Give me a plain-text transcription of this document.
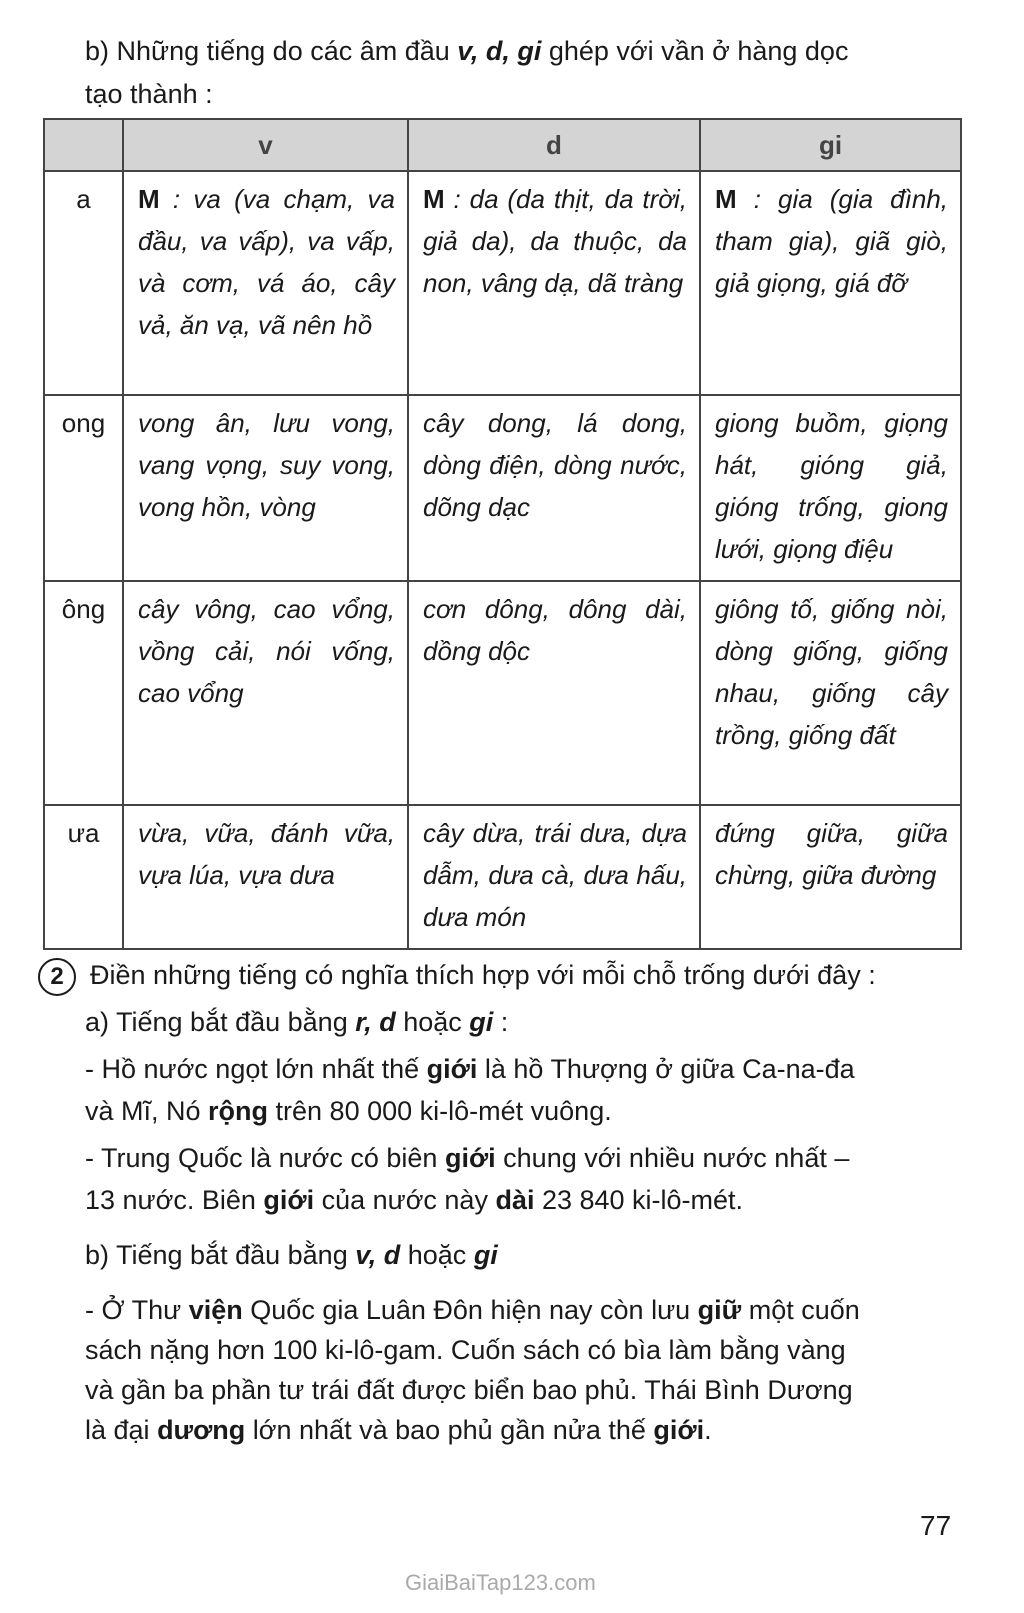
b) Những tiếng do các âm đầu v, d, gi ghép với vần ở hàng dọc
tạo thành :
	v	d	gi
a	M : va (va chạm, va đầu, va vấp), va vấp, và cơm, vá áo, cây vả, ăn vạ, vã nên hồ	M : da (da thịt, da trời, giả da), da thuộc, da non, vâng dạ, dã tràng	M : gia (gia đình, tham gia), giã giò, giả giọng, giá đỡ
ong	vong ân, lưu vong, vang vọng, suy vong, vong hồn, vòng	cây dong, lá dong, dòng điện, dòng nước, dõng dạc	giong buồm, giọng hát, gióng giả, gióng trống, giong lưới, giọng điệu
ông	cây vông, cao vổng, vồng cải, nói vống, cao vổng	cơn dông, dông dài, dồng dộc	giông tố, giống nòi, dòng giống, giống nhau, giống cây trồng, giống đất
ưa	vừa, vữa, đánh vữa, vựa lúa, vựa dưa	cây dừa, trái dưa, dựa dẫm, dưa cà, dưa hấu, dưa món	đứng giữa, giữa chừng, giữa đường
2 Điền những tiếng có nghĩa thích hợp với mỗi chỗ trống dưới đây :
a) Tiếng bắt đầu bằng r, d hoặc gi :
- Hồ nước ngọt lớn nhất thế giới là hồ Thượng ở giữa Ca-na-đa
và Mĩ, Nó rộng trên 80 000 ki-lô-mét vuông.
- Trung Quốc là nước có biên giới chung với nhiều nước nhất –
13 nước. Biên giới của nước này dài 23 840 ki-lô-mét.
b) Tiếng bắt đầu bằng v, d hoặc gi
- Ở Thư viện Quốc gia Luân Đôn hiện nay còn lưu giữ một cuốn
sách nặng hơn 100 ki-lô-gam. Cuốn sách có bìa làm bằng vàng
và gần ba phần tư trái đất được biển bao phủ. Thái Bình Dương
là đại dương lớn nhất và bao phủ gần nửa thế giới.
77
GiaiBaiTap123.com
